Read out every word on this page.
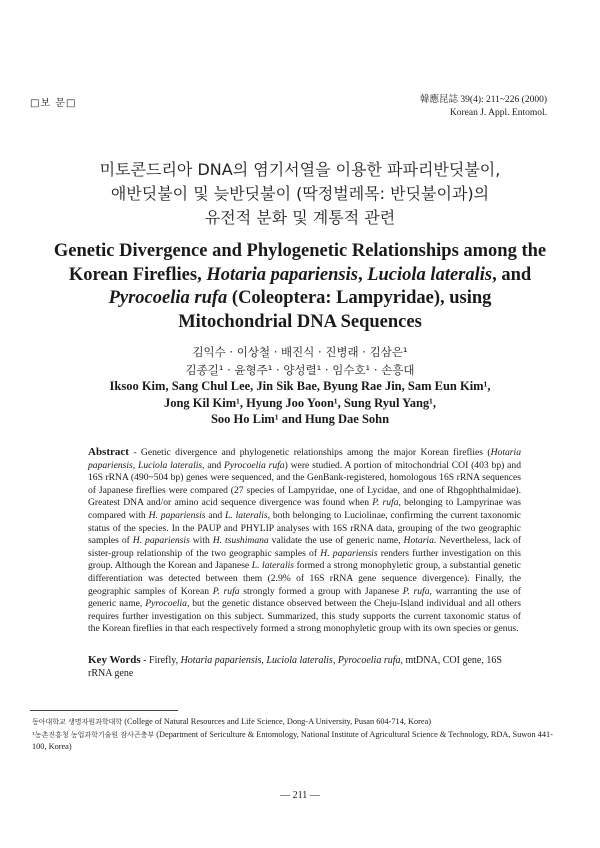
□보 문□	韓應昆誌 39(4): 211~226 (2000)
Korean J. Appl. Entomol.
미토콘드리아 DNA의 염기서열을 이용한 파파리반딧불이,
애반딧불이 및 늦반딧불이 (딱정벌레목: 반딧불이과)의
유전적 분화 및 계통적 관련
Genetic Divergence and Phylogenetic Relationships among the
Korean Fireflies, Hotaria papariensis, Luciola lateralis, and
Pyrocoelia rufa (Coleoptera: Lampyridae), using
Mitochondrial DNA Sequences
김익수 · 이상철 · 배진식 · 진병래 · 김삼은¹
김종길¹ · 윤형주¹ · 양성렬¹ · 임수호¹ · 손흥대
Iksoo Kim, Sang Chul Lee, Jin Sik Bae, Byung Rae Jin, Sam Eun Kim¹,
Jong Kil Kim¹, Hyung Joo Yoon¹, Sung Ryul Yang¹,
Soo Ho Lim¹ and Hung Dae Sohn
Abstract - Genetic divergence and phylogenetic relationships among the major Korean fireflies (Hotaria papariensis, Luciola lateralis, and Pyrocoelia rufa) were studied. A portion of mitochondrial COI (403 bp) and 16S rRNA (490~504 bp) genes were sequenced, and the GenBank-registered, homologous 16S rRNA sequences of Japanese fireflies were compared (27 species of Lampyridae, one of Lycidae, and one of Rhgophthalmidae). Greatest DNA and/or amino acid sequence divergence was found when P. rufa, belonging to Lampyrinae was compared with H. papariensis and L. lateralis, both belonging to Luciolinae, confirming the current taxonomic status of the species. In the PAUP and PHYLIP analyses with 16S rRNA data, grouping of the two geographic samples of H. papariensis with H. tsushimana validate the use of generic name, Hotaria. Nevertheless, lack of sister-group relationship of the two geographic samples of H. papariensis renders further investigation on this group. Although the Korean and Japanese L. lateralis formed a strong monophyletic group, a substantial genetic differentiation was detected between them (2.9% of 16S rRNA gene sequence divergence). Finally, the geographic samples of Korean P. rufa strongly formed a group with Japanese P. rufa, warranting the use of generic name, Pyrocoelia, but the genetic distance observed between the Cheju-Island individual and all others requires further investigation on this subject. Summarized, this study supports the current taxonomic status of the Korean fireflies in that each respectively formed a strong monophyletic group with its own species or genus.
Key Words - Firefly, Hotaria papariensis, Luciola lateralis, Pyrocoelia rufa, mtDNA, COI gene, 16S rRNA gene
동아대학교 생명자원과학대학 (College of Natural Resources and Life Science, Dong-A University, Pusan 604-714, Korea)
¹농촌진흥청 농업과학기술원 잠사곤충부 (Department of Sericulture & Entomology, National Institute of Agricultural Science & Technology, RDA, Suwon 441-100, Korea)
— 211 —
